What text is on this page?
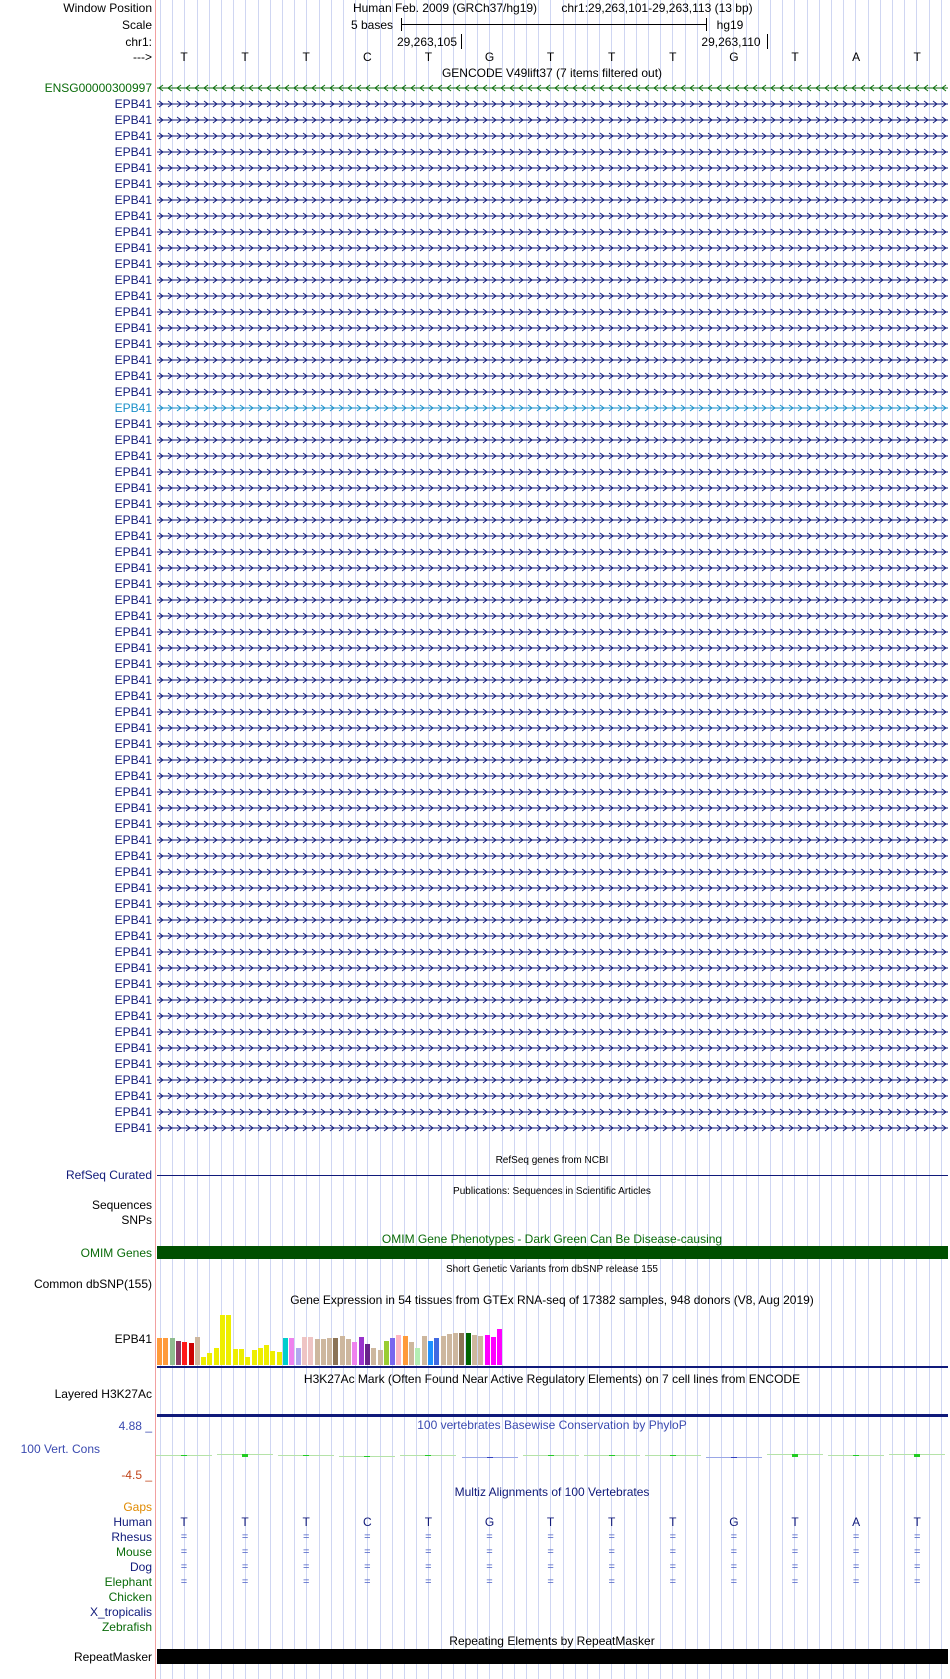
Window Position
Scale
chr1:
--->
Human Feb. 2009 (GRCh37/hg19) chr1:29,263,101-29,263,113 (13 bp)
5 bases	hg19
29,263,105	29,263,110
T	T	T	C	T	G	T	T	T	G	T	A	T
GENCODE V49lift37 (7 items filtered out)
ENSG00000300997
EPB41
EPB41
EPB41
EPB41
EPB41
EPB41
EPB41
EPB41
EPB41
EPB41
EPB41
EPB41
EPB41
EPB41
EPB41
EPB41
EPB41
EPB41
EPB41
EPB41
EPB41
EPB41
EPB41
EPB41
EPB41
EPB41
EPB41
EPB41
EPB41
EPB41
EPB41
EPB41
EPB41
EPB41
EPB41
EPB41
EPB41
EPB41
EPB41
EPB41
EPB41
EPB41
EPB41
EPB41
EPB41
EPB41
EPB41
EPB41
EPB41
EPB41
EPB41
EPB41
EPB41
EPB41
EPB41
EPB41
EPB41
EPB41
EPB41
EPB41
EPB41
EPB41
EPB41
EPB41
EPB41
RefSeq genes from NCBI
RefSeq Curated
Publications: Sequences in Scientific Articles
Sequences
SNPs
OMIM Gene Phenotypes - Dark Green Can Be Disease-causing
OMIM Genes
Short Genetic Variants from dbSNP release 155
Common dbSNP(155)
Gene Expression in 54 tissues from GTEx RNA-seq of 17382 samples, 948 donors (V8, Aug 2019)
EPB41
H3K27Ac Mark (Often Found Near Active Regulatory Elements) on 7 cell lines from ENCODE
Layered H3K27Ac
100 vertebrates Basewise Conservation by PhyloP
4.88 _
100 Vert. Cons
-4.5 _
Multiz Alignments of 100 Vertebrates
Gaps
Human T	T	T	C	T	G	T	T	T	G	T	A	T
Rhesus	=	=	=	=	=	=	=	=	=	=	=	=	=
Mouse	=	=	=	=	=	=	=	=	=	=	=	=	=
Dog	=	=	=	=	=	=	=	=	=	=	=	=	=
Elephant	=	=	=	=	=	=	=	=	=	=	=	=	=
Chicken
X_tropicalis
Zebrafish
Repeating Elements by RepeatMasker
RepeatMasker
